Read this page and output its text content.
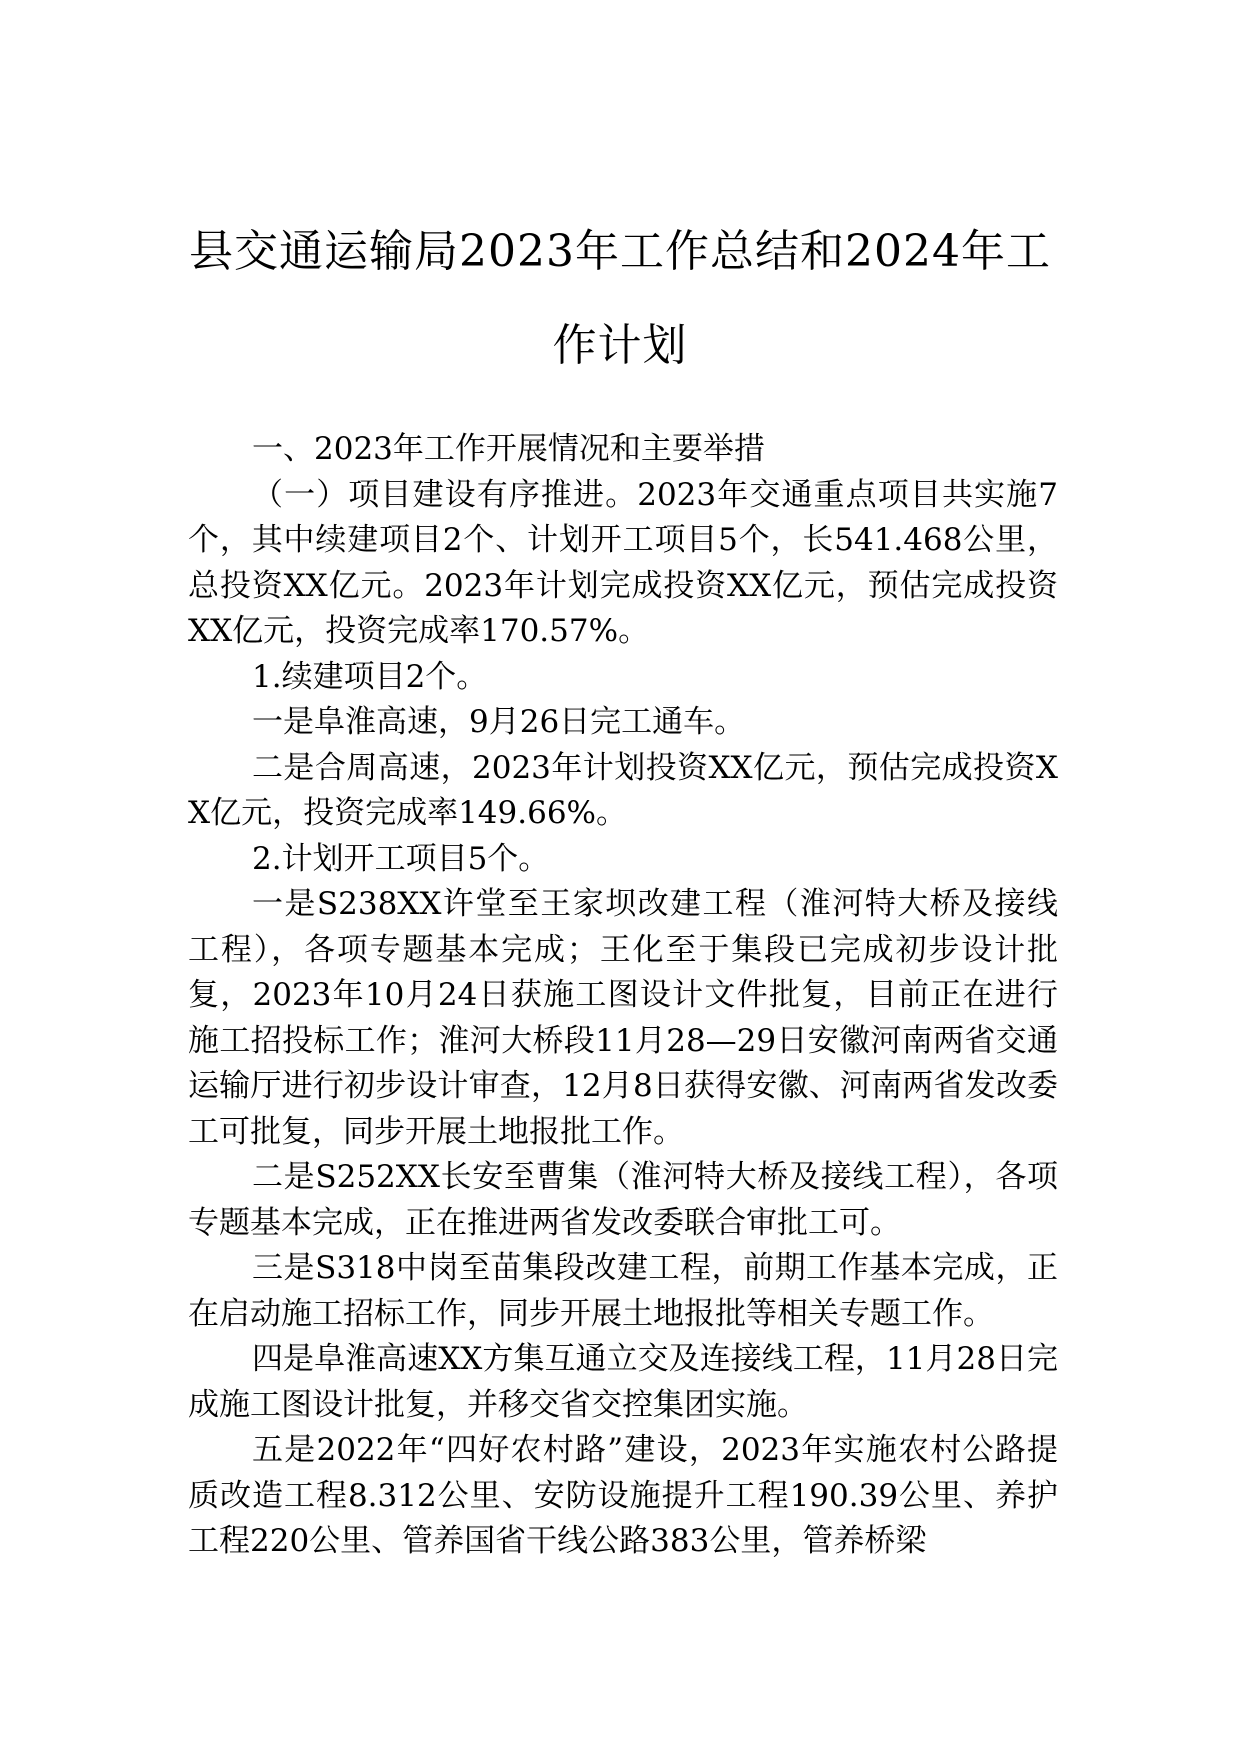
县交通运输局2023年工作总结和2024年工
作计划

一、2023年工作开展情况和主要举措

（一）项目建设有序推进。2023年交通重点项目共实施7个，其中续建项目2个、计划开工项目5个，长541.468公里，总投资XX亿元。2023年计划完成投资XX亿元，预估完成投资XX亿元，投资完成率170.57%。

1.续建项目2个。

一是阜淮高速，9月26日完工通车。

二是合周高速，2023年计划投资XX亿元，预估完成投资XX亿元，投资完成率149.66%。

2.计划开工项目5个。

一是S238XX许堂至王家坝改建工程（淮河特大桥及接线工程），各项专题基本完成；王化至于集段已完成初步设计批复，2023年10月24日获施工图设计文件批复，目前正在进行施工招投标工作；淮河大桥段11月28—29日安徽河南两省交通运输厅进行初步设计审查，12月8日获得安徽、河南两省发改委工可批复，同步开展土地报批工作。

二是S252XX长安至曹集（淮河特大桥及接线工程），各项专题基本完成，正在推进两省发改委联合审批工可。

三是S318中岗至苗集段改建工程，前期工作基本完成，正在启动施工招标工作，同步开展土地报批等相关专题工作。

四是阜淮高速XX方集互通立交及连接线工程，11月28日完成施工图设计批复，并移交省交控集团实施。

五是2022年“四好农村路”建设，2023年实施农村公路提质改造工程8.312公里、安防设施提升工程190.39公里、养护工程220公里、管养国省干线公路383公里，管养桥梁
